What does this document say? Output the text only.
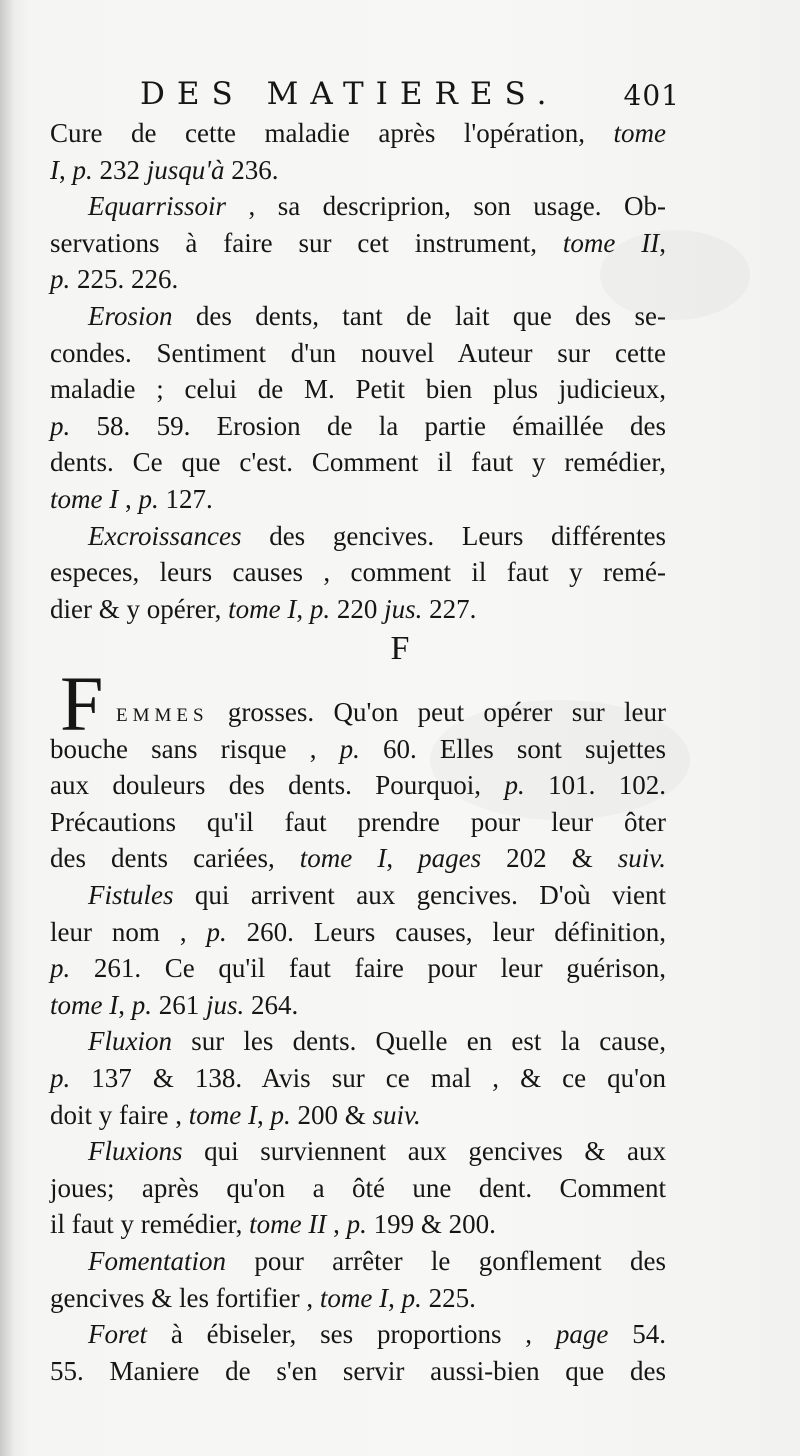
DES MATIERES. 401
Cure de cette maladie après l'opération, tome
I, p. 232 jusqu'à 236.
Equarrissoir , sa descriprion, son usage. Ob-
servations à faire sur cet instrument, tome II,
p. 225. 226.
Erosion des dents, tant de lait que des se-
condes. Sentiment d'un nouvel Auteur sur cette
maladie ; celui de M. Petit bien plus judicieux,
p. 58. 59. Erosion de la partie émaillée des
dents. Ce que c'est. Comment il faut y remédier,
tome I , p. 127.
Excroissances des gencives. Leurs différentes
especes, leurs causes , comment il faut y remé-
dier & y opérer, tome I, p. 220 jus. 227.
F
F EMMES grosses. Qu'on peut opérer sur leur
bouche sans risque , p. 60. Elles sont sujettes
aux douleurs des dents. Pourquoi, p. 101. 102.
Précautions qu'il faut prendre pour leur ôter
des dents cariées, tome I, pages 202 & suiv.
Fistules qui arrivent aux gencives. D'où vient
leur nom , p. 260. Leurs causes, leur définition,
p. 261. Ce qu'il faut faire pour leur guérison,
tome I, p. 261 jus. 264.
Fluxion sur les dents. Quelle en est la cause,
p. 137 & 138. Avis sur ce mal , & ce qu'on
doit y faire , tome I, p. 200 & suiv.
Fluxions qui surviennent aux gencives & aux
joues; après qu'on a ôté une dent. Comment
il faut y remédier, tome II , p. 199 & 200.
Fomentation pour arrêter le gonflement des
gencives & les fortifier , tome I, p. 225.
Foret à ébiseler, ses proportions , page 54.
55. Maniere de s'en servir aussi-bien que des
